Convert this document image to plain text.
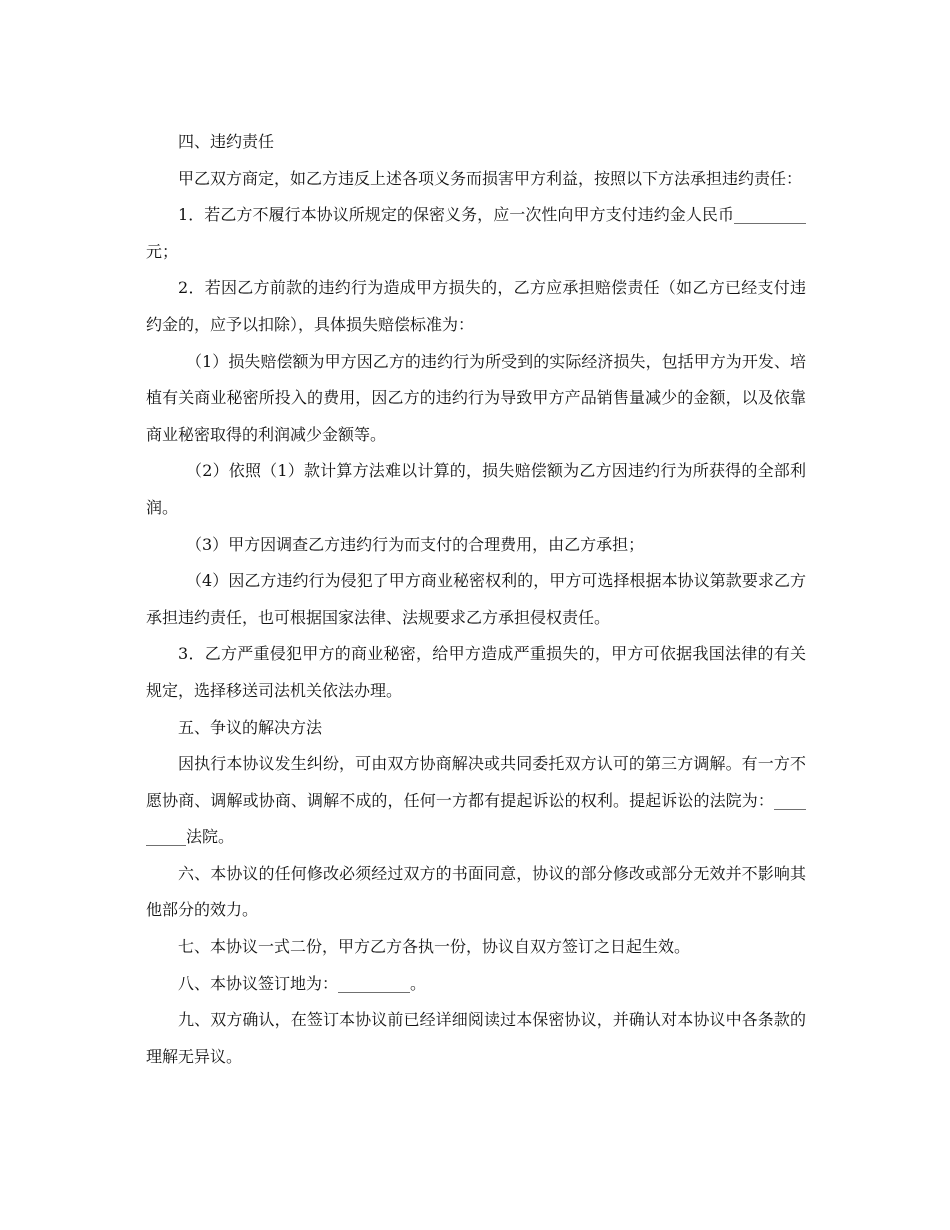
四、违约责任

甲乙双方商定，如乙方违反上述各项义务而损害甲方利益，按照以下方法承担违约责任：

1．若乙方不履行本协议所规定的保密义务，应一次性向甲方支付违约金人民币_________元；

2．若因乙方前款的违约行为造成甲方损失的，乙方应承担赔偿责任（如乙方已经支付违约金的，应予以扣除），具体损失赔偿标准为：

（1）损失赔偿额为甲方因乙方的违约行为所受到的实际经济损失，包括甲方为开发、培植有关商业秘密所投入的费用，因乙方的违约行为导致甲方产品销售量减少的金额，以及依靠商业秘密取得的利润减少金额等。

（2）依照（1）款计算方法难以计算的，损失赔偿额为乙方因违约行为所获得的全部利润。

（3）甲方因调查乙方违约行为而支付的合理费用，由乙方承担；

（4）因乙方违约行为侵犯了甲方商业秘密权利的，甲方可选择根据本协议第款要求乙方承担违约责任，也可根据国家法律、法规要求乙方承担侵权责任。

3．乙方严重侵犯甲方的商业秘密，给甲方造成严重损失的，甲方可依据我国法律的有关规定，选择移送司法机关依法办理。

五、争议的解决方法

因执行本协议发生纠纷，可由双方协商解决或共同委托双方认可的第三方调解。有一方不愿协商、调解或协商、调解不成的，任何一方都有提起诉讼的权利。提起诉讼的法院为：_________法院。

六、本协议的任何修改必须经过双方的书面同意，协议的部分修改或部分无效并不影响其他部分的效力。

七、本协议一式二份，甲方乙方各执一份，协议自双方签订之日起生效。

八、本协议签订地为：_________。

九、双方确认，在签订本协议前已经详细阅读过本保密协议，并确认对本协议中各条款的理解无异议。
